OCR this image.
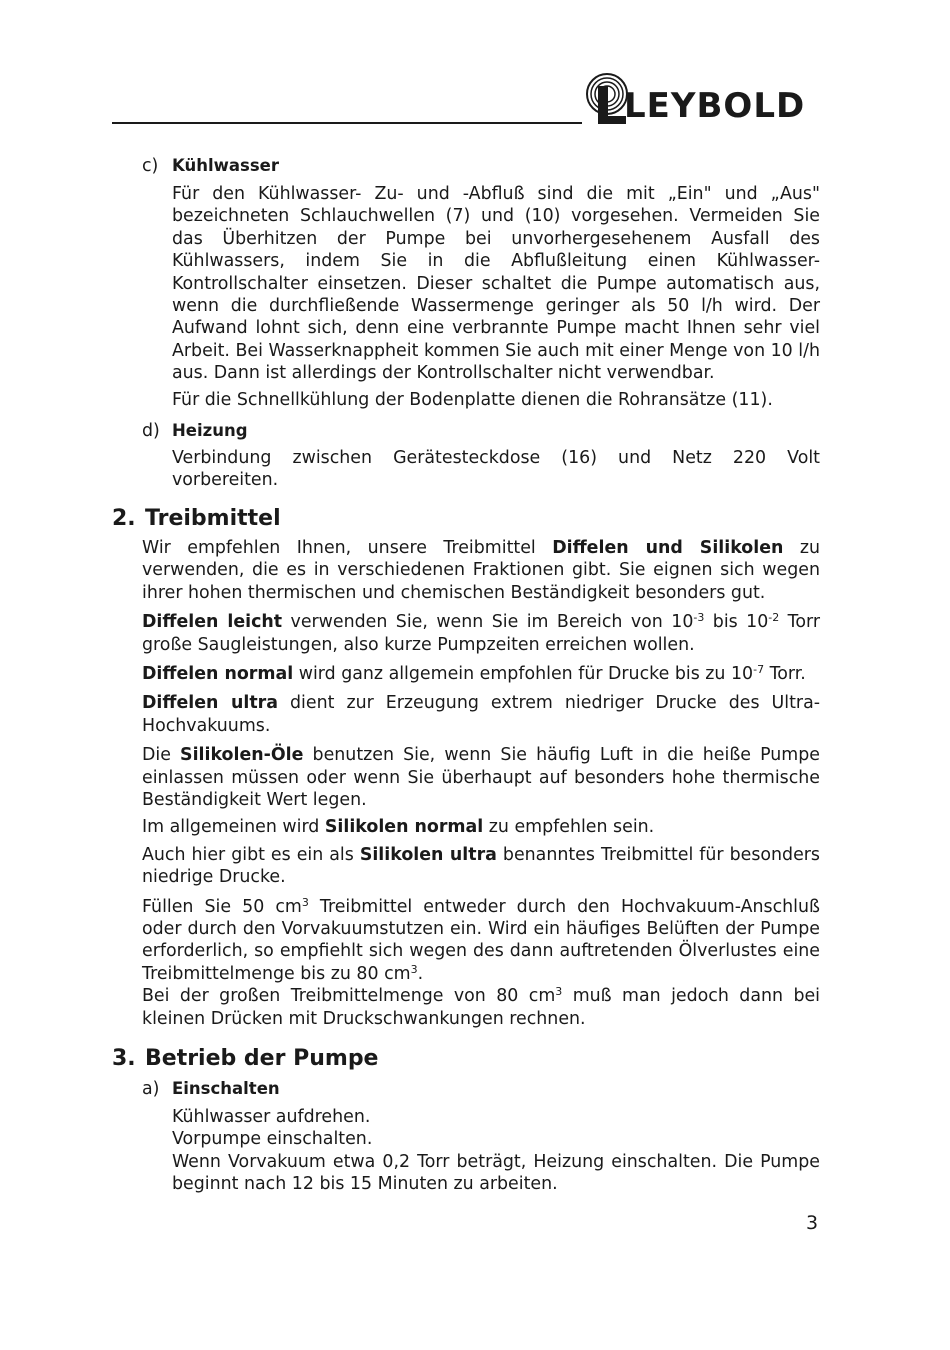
LEYBOLD
c) Kühlwasser

Für den Kühlwasser- Zu- und -Abfluß sind die mit „Ein" und „Aus" bezeichneten Schlauchwellen (7) und (10) vorgesehen. Vermeiden Sie das Überhitzen der Pumpe bei unvorhergesehenem Ausfall des Kühlwassers, indem Sie in die Abflußleitung einen Kühlwasser-Kontrollschalter einsetzen. Dieser schaltet die Pumpe automatisch aus, wenn die durchfließende Wassermenge geringer als 50 l/h wird. Der Aufwand lohnt sich, denn eine verbrannte Pumpe macht Ihnen sehr viel Arbeit. Bei Wasserknappheit kommen Sie auch mit einer Menge von 10 l/h aus. Dann ist allerdings der Kontrollschalter nicht verwendbar.

Für die Schnellkühlung der Bodenplatte dienen die Rohransätze (11).

d) Heizung

Verbindung zwischen Gerätesteckdose (16) und Netz 220 Volt vorbereiten.

2. Treibmittel

Wir empfehlen Ihnen, unsere Treibmittel Diffelen und Silikolen zu verwenden, die es in verschiedenen Fraktionen gibt. Sie eignen sich wegen ihrer hohen thermischen und chemischen Beständigkeit besonders gut.

Diffelen leicht verwenden Sie, wenn Sie im Bereich von $10^{-3}$ bis $10^{-2}$ Torr große Saugleistungen, also kurze Pumpzeiten erreichen wollen.

Diffelen normal wird ganz allgemein empfohlen für Drucke bis zu $10^{-7}$ Torr.

Diffelen ultra dient zur Erzeugung extrem niedriger Drucke des Ultra-Hochvakuums.

Die Silikolen-Öle benutzen Sie, wenn Sie häufig Luft in die heiße Pumpe einlassen müssen oder wenn Sie überhaupt auf besonders hohe thermische Beständigkeit Wert legen.

Im allgemeinen wird Silikolen normal zu empfehlen sein.

Auch hier gibt es ein als Silikolen ultra benanntes Treibmittel für besonders niedrige Drucke.

Füllen Sie 50 $cm^3$ Treibmittel entweder durch den Hochvakuum-Anschluß oder durch den Vorvakuumstutzen ein. Wird ein häufiges Belüften der Pumpe erforderlich, so empfiehlt sich wegen des dann auftretenden Ölverlustes eine Treibmittelmenge bis zu 80 $cm^3$.

Bei der großen Treibmittelmenge von 80 $cm^3$ muß man jedoch dann bei kleinen Drücken mit Druckschwankungen rechnen.

3. Betrieb der Pumpe
a) Einschalten

Kühlwasser aufdrehen.

Vorpumpe einschalten.

Wenn Vorvakuum etwa 0,2 Torr beträgt, Heizung einschalten. Die Pumpe beginnt nach 12 bis 15 Minuten zu arbeiten.

3
